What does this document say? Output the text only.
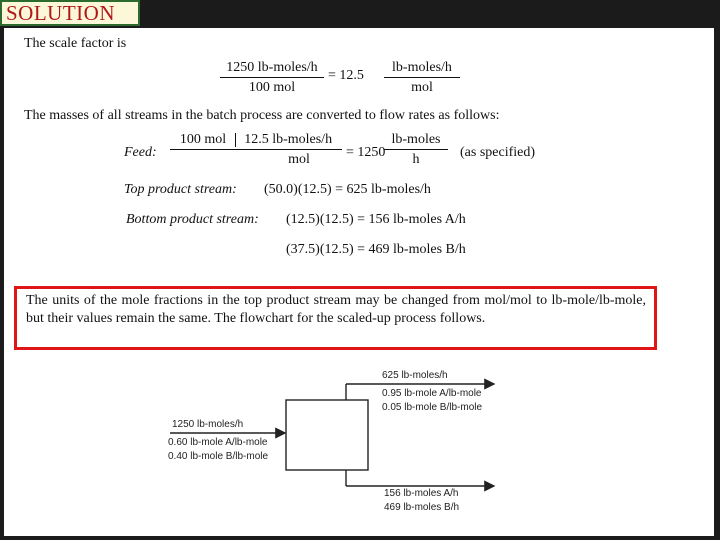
SOLUTION
The scale factor is
1250 lb-moles/h
100 mol
= 12.5
lb-moles/h
mol
The masses of all streams in the batch process are converted to flow rates as follows:
Feed:
100 mol 12.5 lb-moles/h
mol	= 1250
lb-moles
h	(as specified)
Top product stream: (50.0)(12.5) = 625 lb-moles/h
Bottom product stream: (12.5)(12.5) = 156 lb-moles A/h
(37.5)(12.5) = 469 lb-moles B/h
The units of the mole fractions in the top product stream may be changed from mol/mol to lb-mole/lb-mole, but their values remain the same. The flowchart for the scaled-up process follows.
1250 lb-moles/h
0.60 lb-mole A/lb-mole
0.40 lb-mole B/lb-mole
625 lb-moles/h
0.95 lb-mole A/lb-mole
0.05 lb-mole B/lb-mole
156 lb-moles A/h
469 lb-moles B/h
